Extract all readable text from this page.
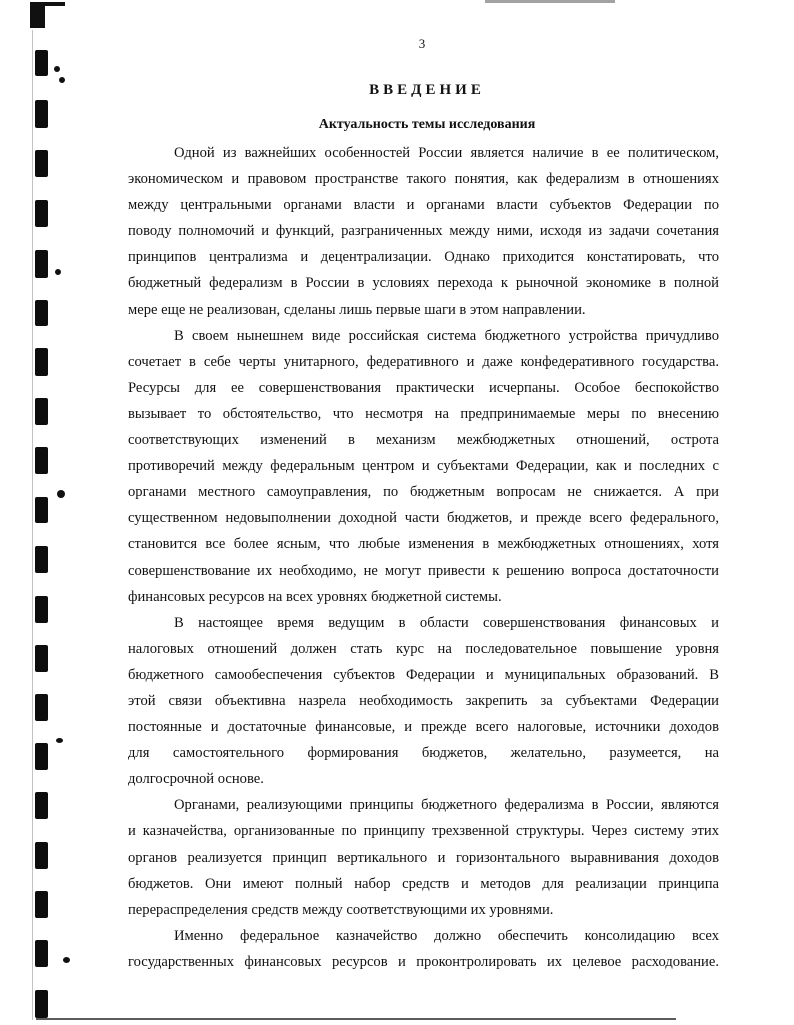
3
ВВЕДЕНИЕ
Актуальность темы исследования

Одной из важнейших особенностей России является наличие в ее политическом,
экономическом и правовом пространстве такого понятия, как федерализм в отношениях
между центральными органами власти и органами власти субъектов Федерации по
поводу полномочий и функций, разграниченных между ними, исходя из задачи сочетания
принципов централизма и децентрализации. Однако приходится констатировать, что
бюджетный федерализм в России в условиях перехода к рыночной экономике в полной
мере еще не реализован, сделаны лишь первые шаги в этом направлении.

В своем нынешнем виде российская система бюджетного устройства причудливо
сочетает в себе черты унитарного, федеративного и даже конфедеративного государства.
Ресурсы для ее совершенствования практически исчерпаны. Особое беспокойство
вызывает то обстоятельство, что несмотря на предпринимаемые меры по внесению
соответствующих изменений в механизм межбюджетных отношений, острота
противоречий между федеральным центром и субъектами Федерации, как и последних с
органами местного самоуправления, по бюджетным вопросам не снижается. А при
существенном недовыполнении доходной части бюджетов, и прежде всего федерального,
становится все более ясным, что любые изменения в межбюджетных отношениях, хотя
совершенствование их необходимо, не могут привести к решению вопроса достаточности
финансовых ресурсов на всех уровнях бюджетной системы.

В настоящее время ведущим в области совершенствования финансовых и
налоговых отношений должен стать курс на последовательное повышение уровня
бюджетного самообеспечения субъектов Федерации и муниципальных образований. В
этой связи объективна назрела необходимость закрепить за субъектами Федерации
постоянные и достаточные финансовые, и прежде всего налоговые, источники доходов
для самостоятельного формирования бюджетов, желательно, разумеется, на
долгосрочной основе.

Органами, реализующими принципы бюджетного федерализма в России, являются
и казначейства, организованные по принципу трехзвенной структуры. Через систему этих
органов реализуется принцип вертикального и горизонтального выравнивания доходов
бюджетов. Они имеют полный набор средств и методов для реализации принципа
перераспределения средств между соответствующими их уровнями.

Именно федеральное казначейство должно обеспечить консолидацию всех
государственных финансовых ресурсов и проконтролировать их целевое расходование.
